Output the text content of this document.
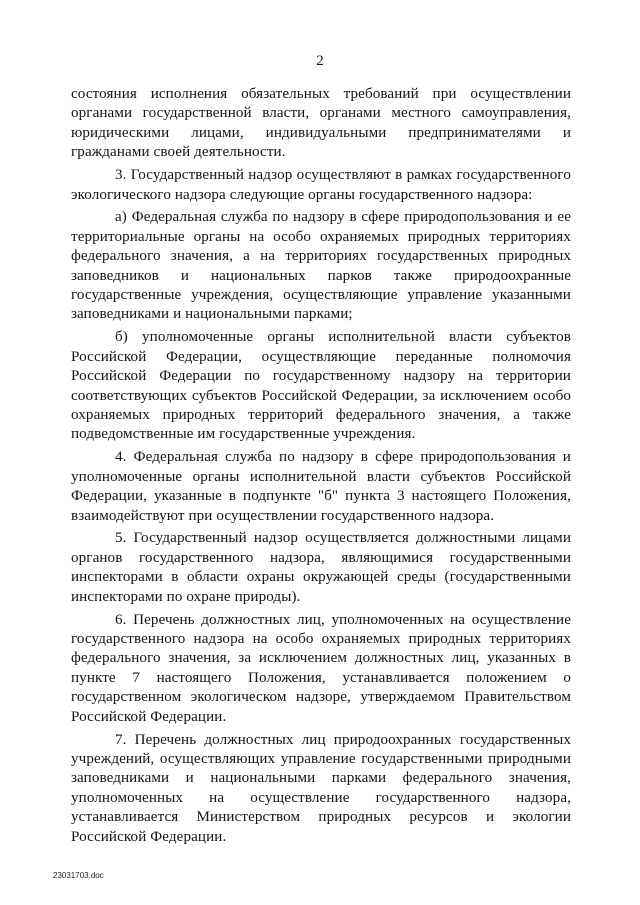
2

состояния исполнения обязательных требований при осуществлении органами государственной власти, органами местного самоуправления, юридическими лицами, индивидуальными предпринимателями и гражданами своей деятельности.

3. Государственный надзор осуществляют в рамках государственного экологического надзора следующие органы государственного надзора:

а) Федеральная служба по надзору в сфере природопользования и ее территориальные органы на особо охраняемых природных территориях федерального значения, а на территориях государственных природных заповедников и национальных парков также природоохранные государственные учреждения, осуществляющие управление указанными заповедниками и национальными парками;

б) уполномоченные органы исполнительной власти субъектов Российской Федерации, осуществляющие переданные полномочия Российской Федерации по государственному надзору на территории соответствующих субъектов Российской Федерации, за исключением особо охраняемых природных территорий федерального значения, а также подведомственные им государственные учреждения.

4. Федеральная служба по надзору в сфере природопользования и уполномоченные органы исполнительной власти субъектов Российской Федерации, указанные в подпункте "б" пункта 3 настоящего Положения, взаимодействуют при осуществлении государственного надзора.

5. Государственный надзор осуществляется должностными лицами органов государственного надзора, являющимися государственными инспекторами в области охраны окружающей среды (государственными инспекторами по охране природы).

6. Перечень должностных лиц, уполномоченных на осуществление государственного надзора на особо охраняемых природных территориях федерального значения, за исключением должностных лиц, указанных в пункте 7 настоящего Положения, устанавливается положением о государственном экологическом надзоре, утверждаемом Правительством Российской Федерации.

7. Перечень должностных лиц природоохранных государственных учреждений, осуществляющих управление государственными природными заповедниками и национальными парками федерального значения, уполномоченных на осуществление государственного надзора, устанавливается Министерством природных ресурсов и экологии Российской Федерации.

23031703.doc
